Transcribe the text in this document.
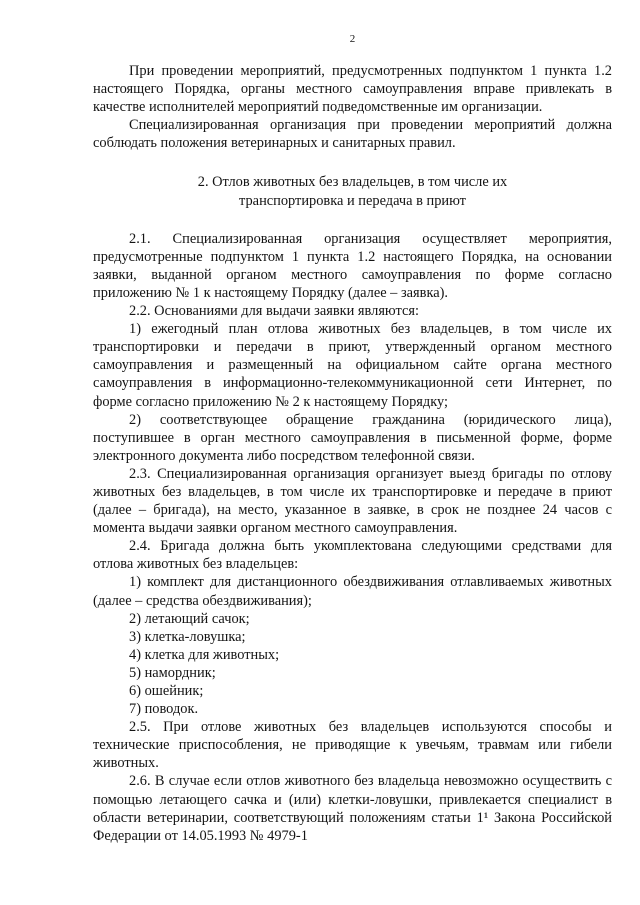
2

При проведении мероприятий, предусмотренных подпунктом 1 пункта 1.2 настоящего Порядка, органы местного самоуправления вправе привлекать в качестве исполнителей мероприятий подведомственные им организации.

Специализированная организация при проведении мероприятий должна соблюдать положения ветеринарных и санитарных правил.

2. Отлов животных без владельцев, в том числе их
транспортировка и передача в приют

2.1. Специализированная организация осуществляет мероприятия, предусмотренные подпунктом 1 пункта 1.2 настоящего Порядка, на основании заявки, выданной органом местного самоуправления по форме согласно приложению № 1 к настоящему Порядку (далее – заявка).

2.2. Основаниями для выдачи заявки являются:

1) ежегодный план отлова животных без владельцев, в том числе их транспортировки и передачи в приют, утвержденный органом местного самоуправления и размещенный на официальном сайте органа местного самоуправления в информационно-телекоммуникационной сети Интернет, по форме согласно приложению № 2 к настоящему Порядку;

2) соответствующее обращение гражданина (юридического лица), поступившее в орган местного самоуправления в письменной форме, форме электронного документа либо посредством телефонной связи.

2.3. Специализированная организация организует выезд бригады по отлову животных без владельцев, в том числе их транспортировке и передаче в приют (далее – бригада), на место, указанное в заявке, в срок не позднее 24 часов с момента выдачи заявки органом местного самоуправления.

2.4. Бригада должна быть укомплектована следующими средствами для отлова животных без владельцев:

1) комплект для дистанционного обездвиживания отлавливаемых животных (далее – средства обездвиживания);

2) летающий сачок;

3) клетка-ловушка;

4) клетка для животных;

5) намордник;

6) ошейник;

7) поводок.

2.5. При отлове животных без владельцев используются способы и технические приспособления, не приводящие к увечьям, травмам или гибели животных.

2.6. В случае если отлов животного без владельца невозможно осуществить с помощью летающего сачка и (или) клетки-ловушки, привлекается специалист в области ветеринарии, соответствующий положениям статьи 1¹ Закона Российской Федерации от 14.05.1993 № 4979-1
